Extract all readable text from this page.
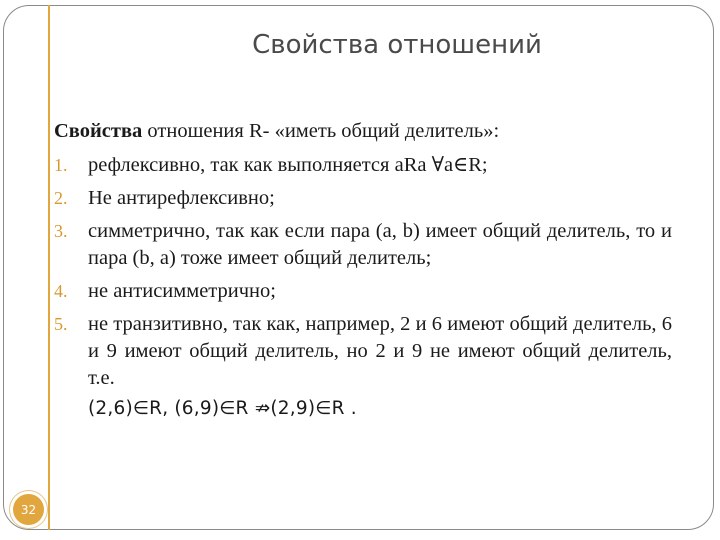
Свойства отношений

Свойства отношения R- «иметь общий делитель»:

1. рефлексивно, так как выполняется aRa ∀a∈R;
2. Не антирефлексивно;
3. симметрично, так как если пара (a, b) имеет общий делитель, то и пара (b, a) тоже имеет общий делитель;
4. не антисимметрично;
5. не транзитивно, так как, например, 2 и 6 имеют общий делитель, 6 и 9 имеют общий делитель, но 2 и 9 не имеют общий делитель, т.е.
(2,6)∈R, (6,9)∈R ⇏(2,9)∈R .
32
